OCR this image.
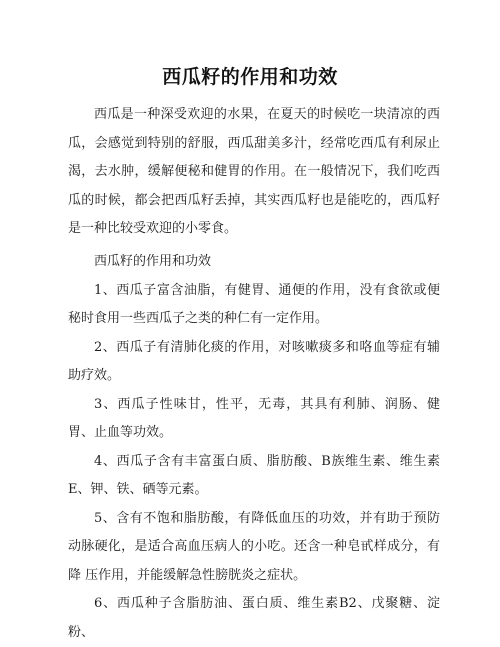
西瓜籽的作用和功效

西瓜是一种深受欢迎的水果，在夏天的时候吃一块清凉的西 瓜，会感觉到特别的舒服，西瓜甜美多汁，经常吃西瓜有利尿止 渴，去水肿，缓解便秘和健胃的作用。在一般情况下，我们吃西 瓜的时候，都会把西瓜籽丢掉，其实西瓜籽也是能吃的，西瓜籽 是一种比较受欢迎的小零食。

西瓜籽的作用和功效

1、西瓜子富含油脂，有健胃、通便的作用，没有食欲或便秘时食用一些西瓜子之类的种仁有一定作用。

2、西瓜子有清肺化痰的作用，对咳嗽痰多和咯血等症有辅助疗效。

3、西瓜子性味甘，性平，无毒，其具有利肺、润肠、健胃、止血等功效。

4、西瓜子含有丰富蛋白质、脂肪酸、B族维生素、维生素E、钾、铁、硒等元素。

5、含有不饱和脂肪酸，有降低血压的功效，并有助于预防动脉硬化，是适合高血压病人的小吃。还含一种皂甙样成分，有降 压作用，并能缓解急性膀胱炎之症状。

6、西瓜种子含脂肪油、蛋白质、维生素B2、戊聚糖、淀粉、
